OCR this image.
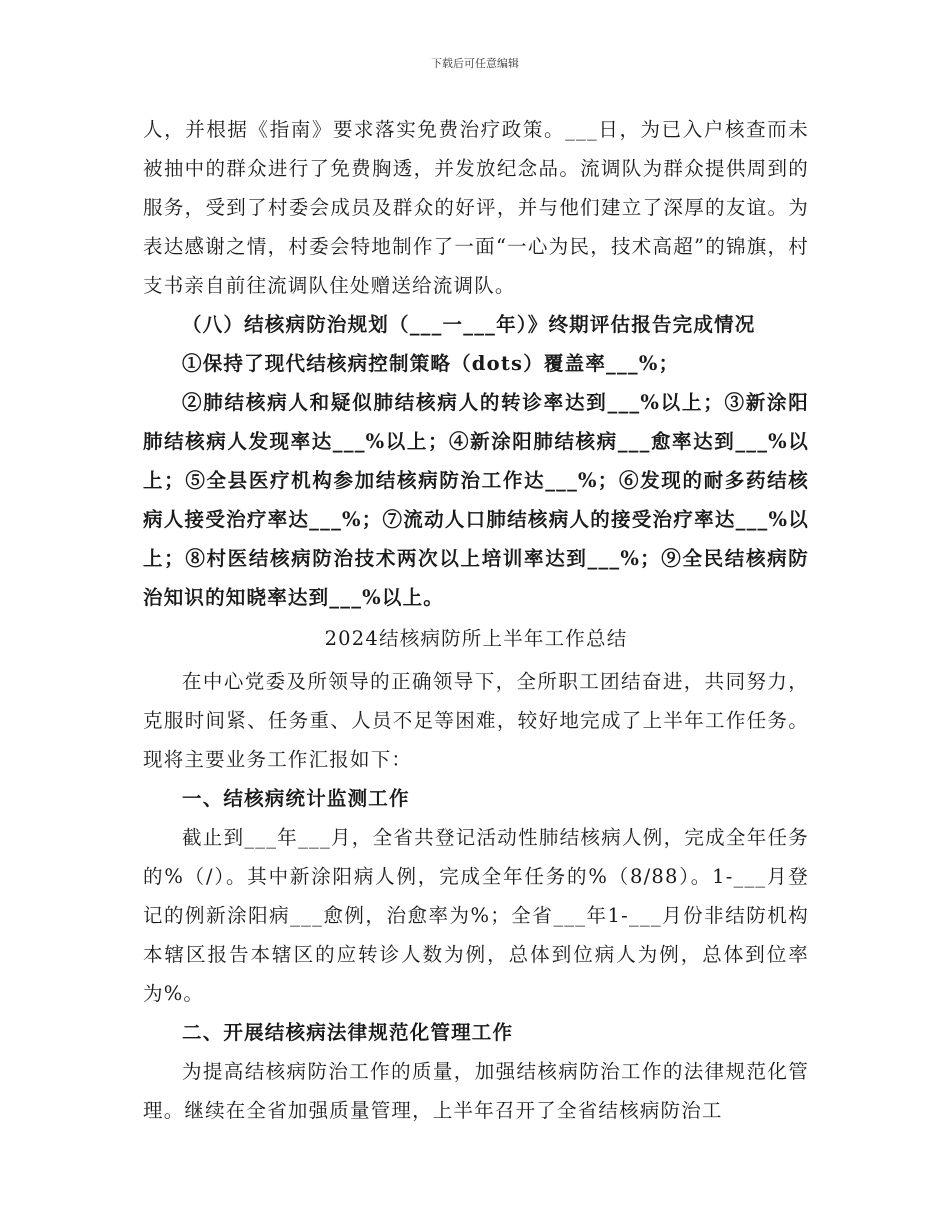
下载后可任意编辑

人，并根据《指南》要求落实免费治疗政策。___日，为已入户核查而未被抽中的群众进行了免费胸透，并发放纪念品。流调队为群众提供周到的服务，受到了村委会成员及群众的好评，并与他们建立了深厚的友谊。为表达感谢之情，村委会特地制作了一面“一心为民，技术高超”的锦旗，村支书亲自前往流调队住处赠送给流调队。

（八）结核病防治规划（___一___年）》终期评估报告完成情况

①保持了现代结核病控制策略（dots）覆盖率___%；

②肺结核病人和疑似肺结核病人的转诊率达到___%以上；③新涂阳肺结核病人发现率达___%以上；④新涂阳肺结核病___愈率达到___%以上；⑤全县医疗机构参加结核病防治工作达___%；⑥发现的耐多药结核病人接受治疗率达___%；⑦流动人口肺结核病人的接受治疗率达___%以上；⑧村医结核病防治技术两次以上培训率达到___%；⑨全民结核病防治知识的知晓率达到___%以上。

2024结核病防所上半年工作总结

在中心党委及所领导的正确领导下，全所职工团结奋进，共同努力，克服时间紧、任务重、人员不足等困难，较好地完成了上半年工作任务。现将主要业务工作汇报如下：

一、结核病统计监测工作

截止到___年___月，全省共登记活动性肺结核病人例，完成全年任务的%（/）。其中新涂阳病人例，完成全年任务的%（8/88）。1-___月登记的例新涂阳病___愈例，治愈率为%；全省___年1-___月份非结防机构本辖区报告本辖区的应转诊人数为例，总体到位病人为例，总体到位率为%。

二、开展结核病法律规范化管理工作

为提高结核病防治工作的质量，加强结核病防治工作的法律规范化管理。继续在全省加强质量管理，上半年召开了全省结核病防治工
